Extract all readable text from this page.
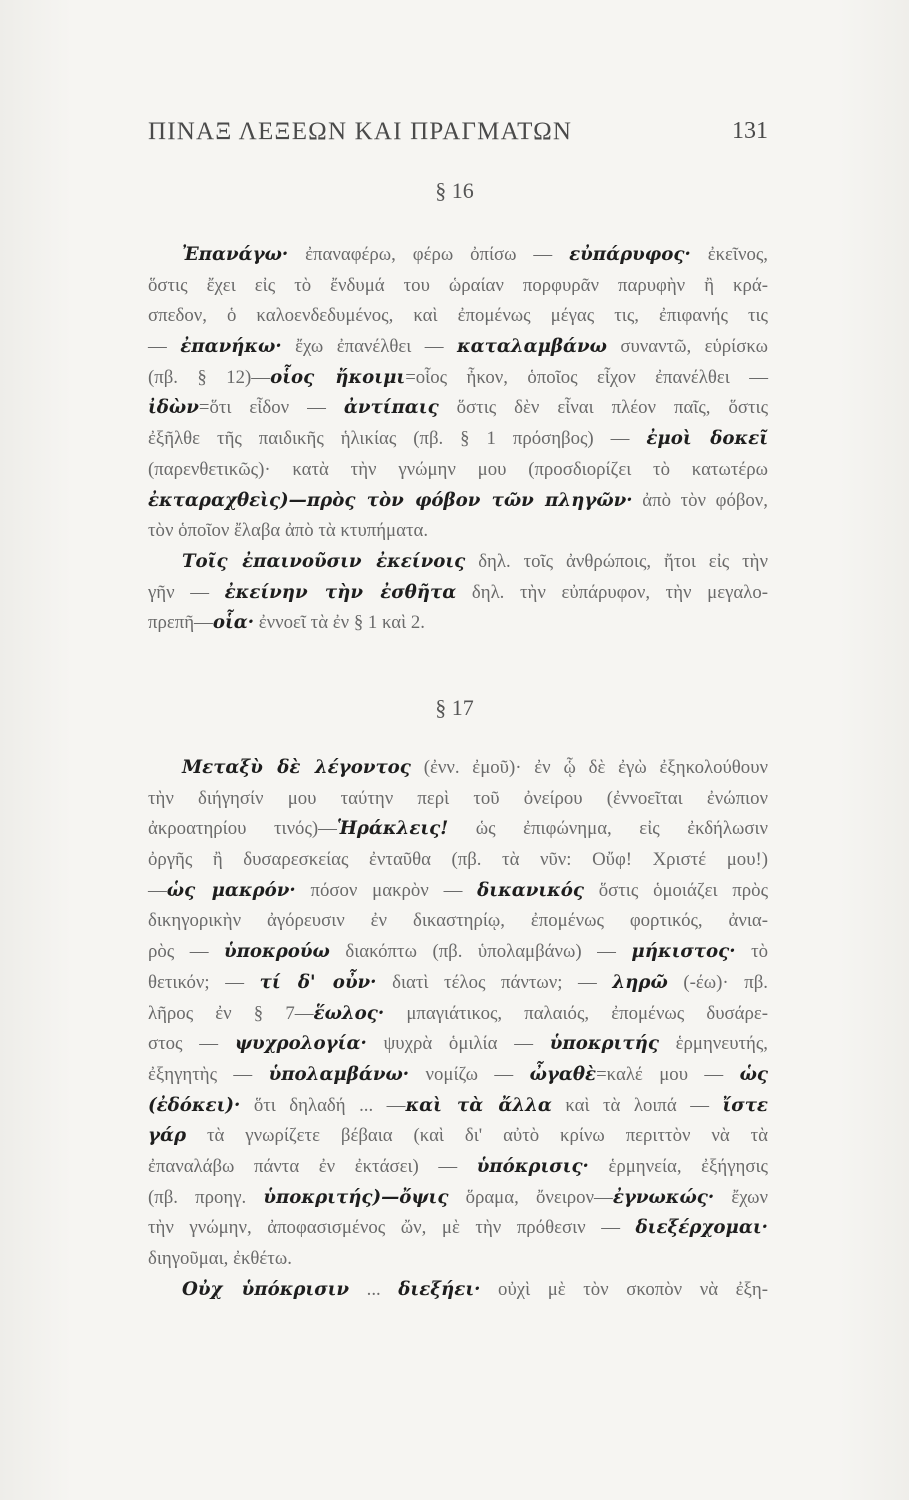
ΠΙΝΑΞ ΛΕΞΕΩΝ ΚΑΙ ΠΡΑΓΜΑΤΩΝ	131
§ 16
Ἐπανάγω· ἐπαναφέρω, φέρω ὀπίσω — εὐπάρυφος· ἐκεῖνος,
ὅστις ἔχει εἰς τὸ ἔνδυμά του ὡραίαν πορφυρᾶν παρυφὴν ἢ κρά-
σπεδον, ὁ καλοενδεδυμένος, καὶ ἐπομένως μέγας τις, ἐπιφανής τις
— ἐπανήκω· ἔχω ἐπανέλθει — καταλαμβάνω συναντῶ, εὑρίσκω
(πβ. § 12)—οἷος ἤκοιμι=οἷος ἦκον, ὁποῖος εἶχον ἐπανέλθει —
ἰδὼν=ὅτι εἶδον — ἀντίπαις ὅστις δὲν εἶναι πλέον παῖς, ὅστις
ἐξῆλθε τῆς παιδικῆς ἡλικίας (πβ. § 1 πρόσηβος) — ἐμοὶ δοκεῖ
(παρενθετικῶς)· κατὰ τὴν γνώμην μου (προσδιορίζει τὸ κατωτέρω
ἐκταραχθεὶς)—πρὸς τὸν φόβον τῶν πληγῶν· ἀπὸ τὸν φόβον,
τὸν ὁποῖον ἔλαβα ἀπὸ τὰ κτυπήματα.
Τοῖς ἐπαινοῦσιν ἐκείνοις δηλ. τοῖς ἀνθρώποις, ἤτοι εἰς τὴν
γῆν — ἐκείνην τὴν ἐσθῆτα δηλ. τὴν εὐπάρυφον, τὴν μεγαλο-
πρεπῆ—οἷα· ἐννοεῖ τὰ ἐν § 1 καὶ 2.
§ 17
Μεταξὺ δὲ λέγοντος (ἐνν. ἐμοῦ)· ἐν ᾧ δὲ ἐγὼ ἐξηκολούθουν
τὴν διήγησίν μου ταύτην περὶ τοῦ ὀνείρου (ἐννοεῖται ἐνώπιον
ἀκροατηρίου τινός)—Ἡράκλεις! ὡς ἐπιφώνημα, εἰς ἐκδήλωσιν
ὀργῆς ἢ δυσαρεσκείας ἐνταῦθα (πβ. τὰ νῦν: Οὔφ! Χριστέ μου!)
—ὡς μακρόν· πόσον μακρὸν — δικανικός ὅστις ὁμοιάζει πρὸς
δικηγορικὴν ἀγόρευσιν ἐν δικαστηρίῳ, ἐπομένως φορτικός, ἀνια-
ρὸς — ὑποκρούω διακόπτω (πβ. ὑπολαμβάνω) — μήκιστος· τὸ
θετικόν; — τί δ' οὖν· διατὶ τέλος πάντων; — ληρῶ (-έω)· πβ.
λῆρος ἐν § 7—ἕωλος· μπαγιάτικος, παλαιός, ἐπομένως δυσάρε-
στος — ψυχρολογία· ψυχρὰ ὁμιλία — ὑποκριτής ἑρμηνευτής,
ἐξηγητὴς — ὑπολαμβάνω· νομίζω — ὦγαθὲ=καλέ μου — ὡς
(ἐδόκει)· ὅτι δηλαδή ... —καὶ τὰ ἄλλα καὶ τὰ λοιπά — ἴστε
γάρ τὰ γνωρίζετε βέβαια (καὶ δι' αὐτὸ κρίνω περιττὸν νὰ τὰ
ἐπαναλάβω πάντα ἐν ἐκτάσει) — ὑπόκρισις· ἑρμηνεία, ἐξήγησις
(πβ. προηγ. ὑποκριτής)—ὄψις ὅραμα, ὄνειρον—ἐγνωκώς· ἔχων
τὴν γνώμην, ἀποφασισμένος ὤν, μὲ τὴν πρόθεσιν — διεξέρχομαι·
διηγοῦμαι, ἐκθέτω.
Οὐχ ὑπόκρισιν ... διεξήει· οὐχὶ μὲ τὸν σκοπὸν νὰ ἐξη-
